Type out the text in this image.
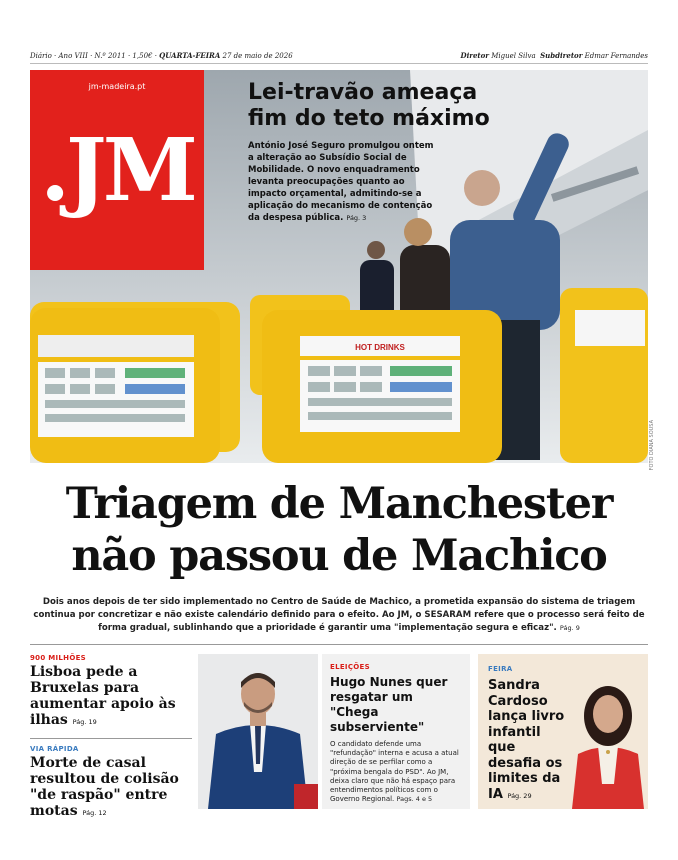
Diário · Ano VIII · N.º 2011 · 1,50€ · QUARTA-FEIRA 27 de maio de 2026	Diretor Miguel Silva Subdiretor Edmar Fernandes
HOT DRINKS
jm-madeira.pt
.JM
Lei-travão ameaça fim do teto máximo
António José Seguro promulgou ontem a alteração ao Subsídio Social de Mobilidade. O novo enquadramento levanta preocupações quanto ao impacto orçamental, admitindo-se a aplicação do mecanismo de contenção da despesa pública. Pág. 3
FOTO DIANA SOUSA
Triagem de Manchester
não passou de Machico
Dois anos depois de ter sido implementado no Centro de Saúde de Machico, a prometida expansão do sistema de triagem continua por concretizar e não existe calendário definido para o efeito. Ao JM, o SESARAM refere que o processo será feito de forma gradual, sublinhando que a prioridade é garantir uma "implementação segura e eficaz". Pág. 9
900 MILHÕES
Lisboa pede a Bruxelas para aumentar apoio às ilhas Pág. 19
VIA RÁPIDA
Morte de casal resultou de colisão "de raspão" entre motas Pág. 12
ELEIÇÕES
Hugo Nunes quer resgatar um "Chega subserviente"
O candidato defende uma "refundação" interna e acusa a atual direção de se perfilar como a "próxima bengala do PSD". Ao JM, deixa claro que não há espaço para entendimentos políticos com o Governo Regional. Pags. 4 e 5
FEIRA
Sandra Cardoso lança livro infantil que desafia os limites da IA Pág. 29
